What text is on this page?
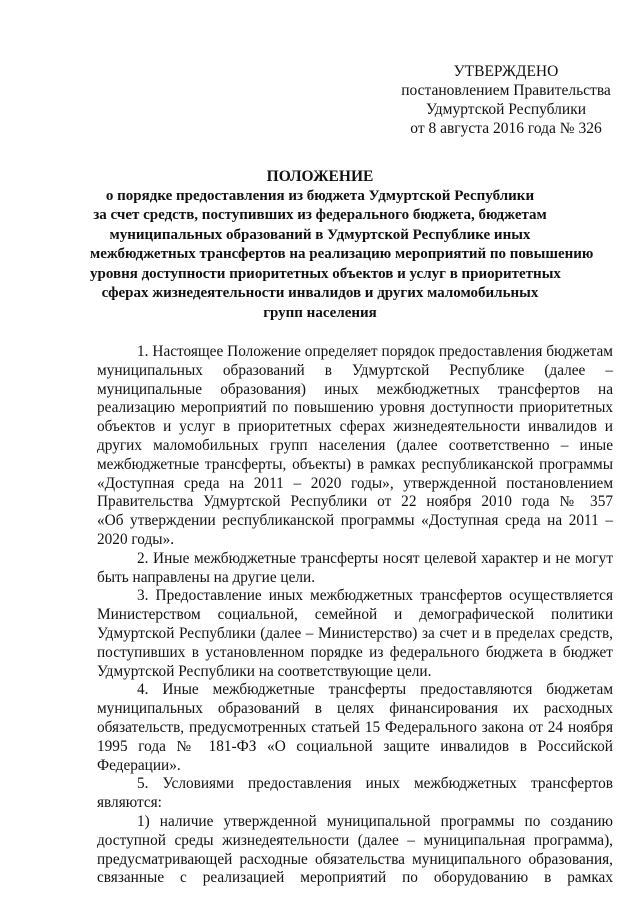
УТВЕРЖДЕНО
постановлением Правительства
Удмуртской Республики
от 8 августа 2016 года № 326
ПОЛОЖЕНИЕ
о порядке предоставления из бюджета Удмуртской Республики
за счет средств, поступивших из федерального бюджета, бюджетам
муниципальных образований в Удмуртской Республике иных
межбюджетных трансфертов на реализацию мероприятий по повышению
уровня доступности приоритетных объектов и услуг в приоритетных
сферах жизнедеятельности инвалидов и других маломобильных
групп населения
1. Настоящее Положение определяет порядок предоставления бюджетам
муниципальных образований в Удмуртской Республике (далее –
муниципальные образования) иных межбюджетных трансфертов на
реализацию мероприятий по повышению уровня доступности приоритетных
объектов и услуг в приоритетных сферах жизнедеятельности инвалидов и
других маломобильных групп населения (далее соответственно – иные
межбюджетные трансферты, объекты) в рамках республиканской программы
«Доступная среда на 2011 – 2020 годы», утвержденной постановлением
Правительства Удмуртской Республики от 22 ноября 2010 года № 357
«Об утверждении республиканской программы «Доступная среда на 2011 –
2020 годы».
2. Иные межбюджетные трансферты носят целевой характер и не могут
быть направлены на другие цели.
3. Предоставление иных межбюджетных трансфертов осуществляется
Министерством социальной, семейной и демографической политики
Удмуртской Республики (далее – Министерство) за счет и в пределах средств,
поступивших в установленном порядке из федерального бюджета в бюджет
Удмуртской Республики на соответствующие цели.
4. Иные межбюджетные трансферты предоставляются бюджетам
муниципальных образований в целях финансирования их расходных
обязательств, предусмотренных статьей 15 Федерального закона от 24 ноября
1995 года № 181-ФЗ «О социальной защите инвалидов в Российской
Федерации».
5. Условиями предоставления иных межбюджетных трансфертов
являются:
1) наличие утвержденной муниципальной программы по созданию
доступной среды жизнедеятельности (далее – муниципальная программа),
предусматривающей расходные обязательства муниципального образования,
связанные с реализацией мероприятий по оборудованию в рамках
